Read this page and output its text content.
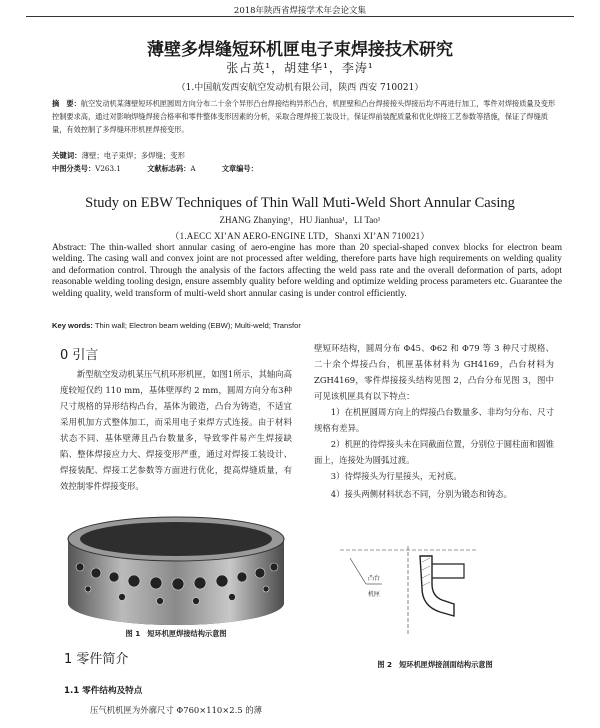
2018年陕西省焊接学术年会论文集
薄壁多焊缝短环机匣电子束焊接技术研究
张占英¹，胡建华¹，李涛¹
（1.中国航发西安航空发动机有限公司，陕西 西安 710021）
摘　要：航空发动机某薄壁短环机匣圆周方向分布二十余个异形凸台焊接结构异形凸台，机匣壁和凸台焊接接头焊接后均不再进行加工，零件对焊接质量及变形控制要求高，通过对影响焊缝焊接合格率和零件整体变形因素的分析，采取合理焊接工装设计，保证焊前装配质量和优化焊接工艺参数等措施，保证了焊缝质量，有效控制了多焊缝环形机匣焊接变形。
关键词：薄壁；电子束焊；多焊缝；变形
中图分类号：V263.1	文献标志码：A	文章编号：
Study on EBW Techniques of Thin Wall Muti-Weld Short Annular Casing
ZHANG Zhanying¹，HU Jianhua¹，LI Tao¹
（1.AECC XI’AN AERO-ENGINE LTD，Shanxi XI’AN 710021）
Abstract: The thin-walled short annular casing of aero-engine has more than 20 special-shaped convex blocks for electron beam welding. The casing wall and convex joint are not processed after welding, therefore parts have high requirements on welding quality and deformation control. Through the analysis of the factors affecting the weld pass rate and the overall deformation of parts, adopt reasonable welding tooling design, ensure assembly quality before welding and optimize welding process parameters etc. Guarantee the welding quality, weld transform of multi-weld short annular casing is under control efficiently.
Key words: Thin wall; Electron beam welding (EBW); Multi-weld; Transfor
0 引言
新型航空发动机某压气机环形机匣，如图1所示，其轴向高度较短仅约 110 mm，基体壁厚约 2 mm，圆周方向分布3种尺寸规格的异形结构凸台，基体为锻造，凸台为铸造，不适宜采用机加方式整体加工，而采用电子束焊方式连接。由于材料状态不同、基体壁薄且凸台数量多，导致零件易产生焊接缺陷、整体焊接应力大、焊接变形严重，通过对焊接工装设计、焊接装配、焊接工艺参数等方面进行优化，提高焊缝质量，有效控制零件焊接变形。
图 1　短环机匣焊接结构示意图
1 零件简介
1.1 零件结构及特点
压气机机匣为外廓尺寸 Φ760×110×2.5 的薄
壁短环结构，圆周分布 Φ45、Φ62 和 Φ79 等 3 种尺寸规格、二十余个焊接凸台，机匣基体材料为 GH4169，凸台材料为 ZGH4169，零件焊接接头结构见图 2，凸台分布见图 3，图中可见该机匣具有以下特点：
1）在机匣圆周方向上的焊接凸台数量多、非均匀分布、尺寸规格有差异。
2）机匣的待焊接头未在同截面位置，分别位于圆柱面和圆锥面上，连接处为圆弧过渡。
3）待焊接头为行星接头，无衬底。
4）接头两侧材料状态不同，分别为锻态和铸态。
凸台
机匣
图 2　短环机匣焊接剖面结构示意图
